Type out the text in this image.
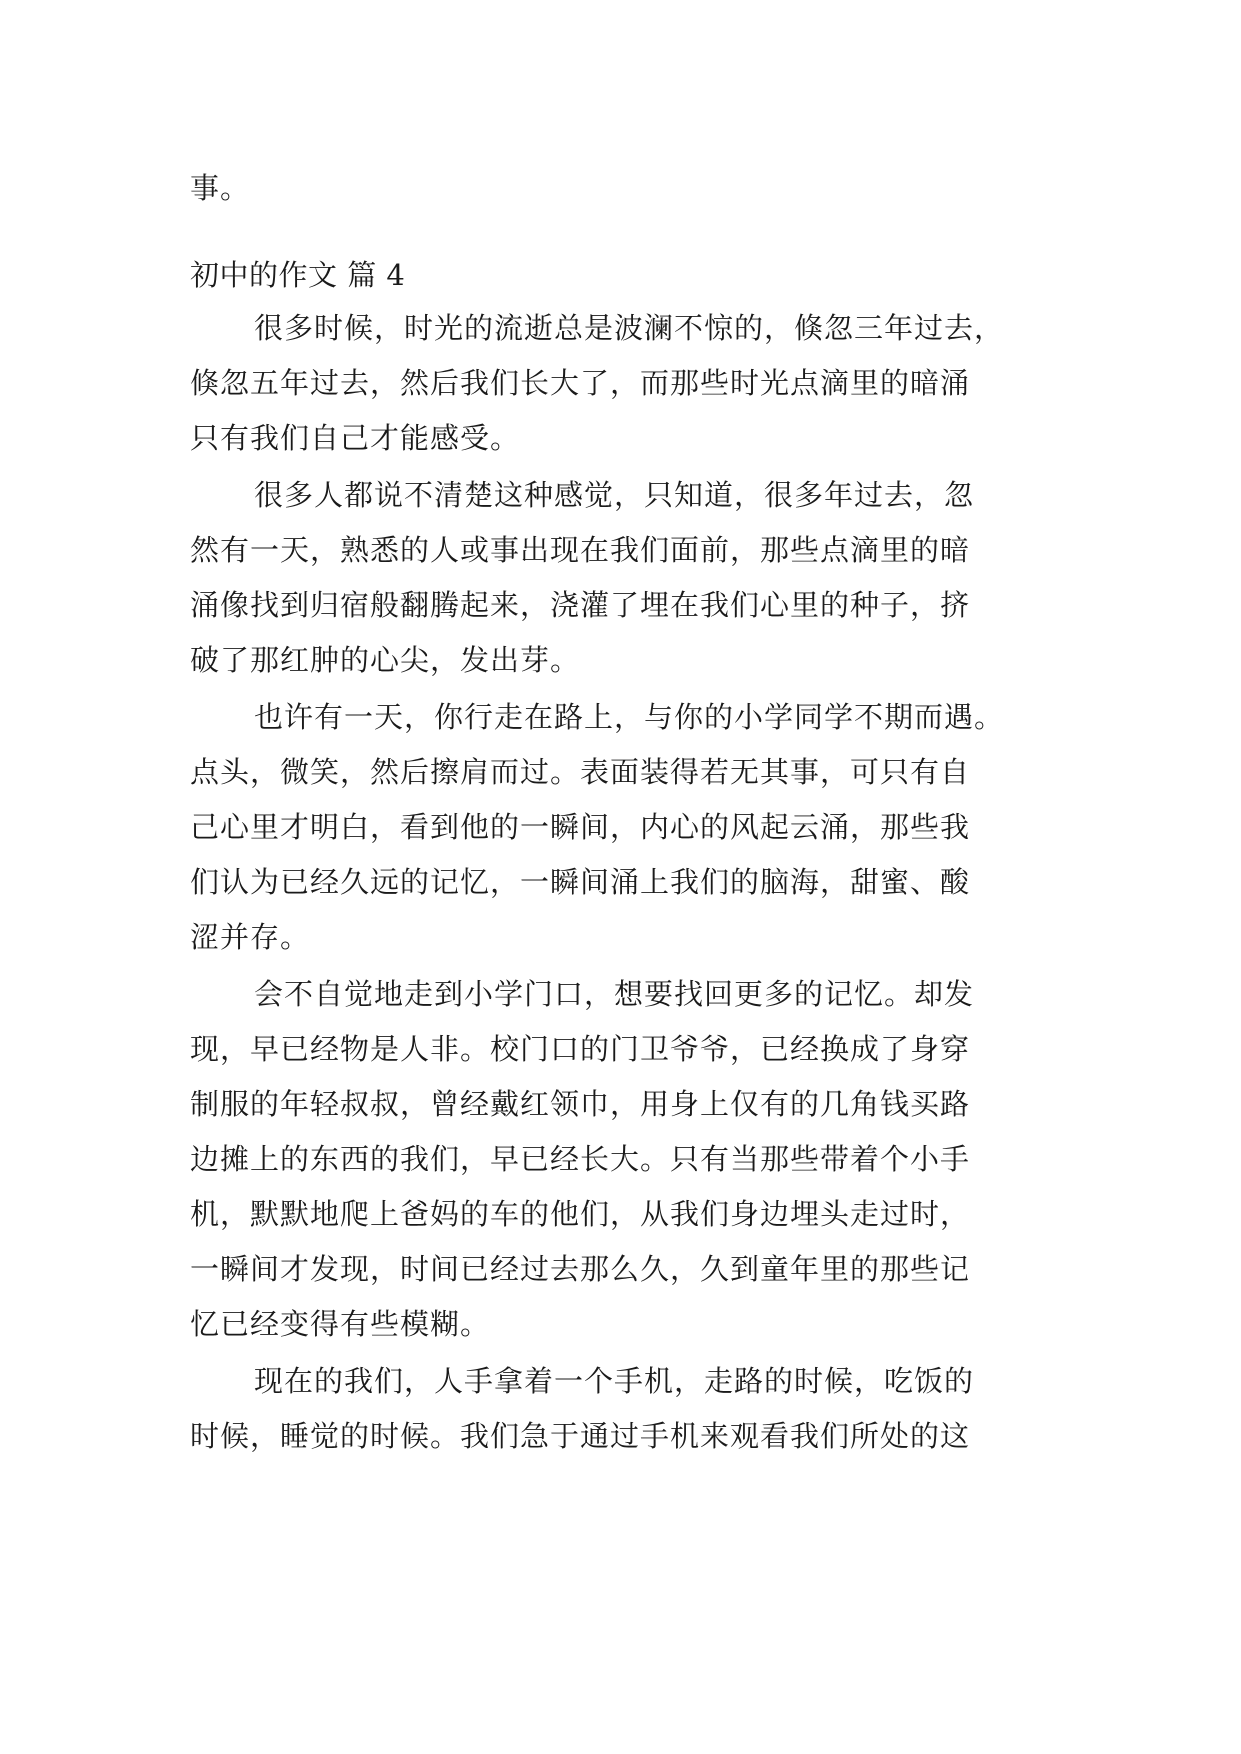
事。
初中的作文 篇 4
很多时候，时光的流逝总是波澜不惊的，倏忽三年过去，
倏忽五年过去，然后我们长大了，而那些时光点滴里的暗涌
只有我们自己才能感受。
很多人都说不清楚这种感觉，只知道，很多年过去，忽
然有一天，熟悉的人或事出现在我们面前，那些点滴里的暗
涌像找到归宿般翻腾起来，浇灌了埋在我们心里的种子，挤
破了那红肿的心尖，发出芽。
也许有一天，你行走在路上，与你的小学同学不期而遇。
点头，微笑，然后擦肩而过。表面装得若无其事，可只有自
己心里才明白，看到他的一瞬间，内心的风起云涌，那些我
们认为已经久远的记忆，一瞬间涌上我们的脑海，甜蜜、酸
涩并存。
会不自觉地走到小学门口，想要找回更多的记忆。却发
现，早已经物是人非。校门口的门卫爷爷，已经换成了身穿
制服的年轻叔叔，曾经戴红领巾，用身上仅有的几角钱买路
边摊上的东西的我们，早已经长大。只有当那些带着个小手
机，默默地爬上爸妈的车的他们，从我们身边埋头走过时，
一瞬间才发现，时间已经过去那么久，久到童年里的那些记
忆已经变得有些模糊。
现在的我们，人手拿着一个手机，走路的时候，吃饭的
时候，睡觉的时候。我们急于通过手机来观看我们所处的这
